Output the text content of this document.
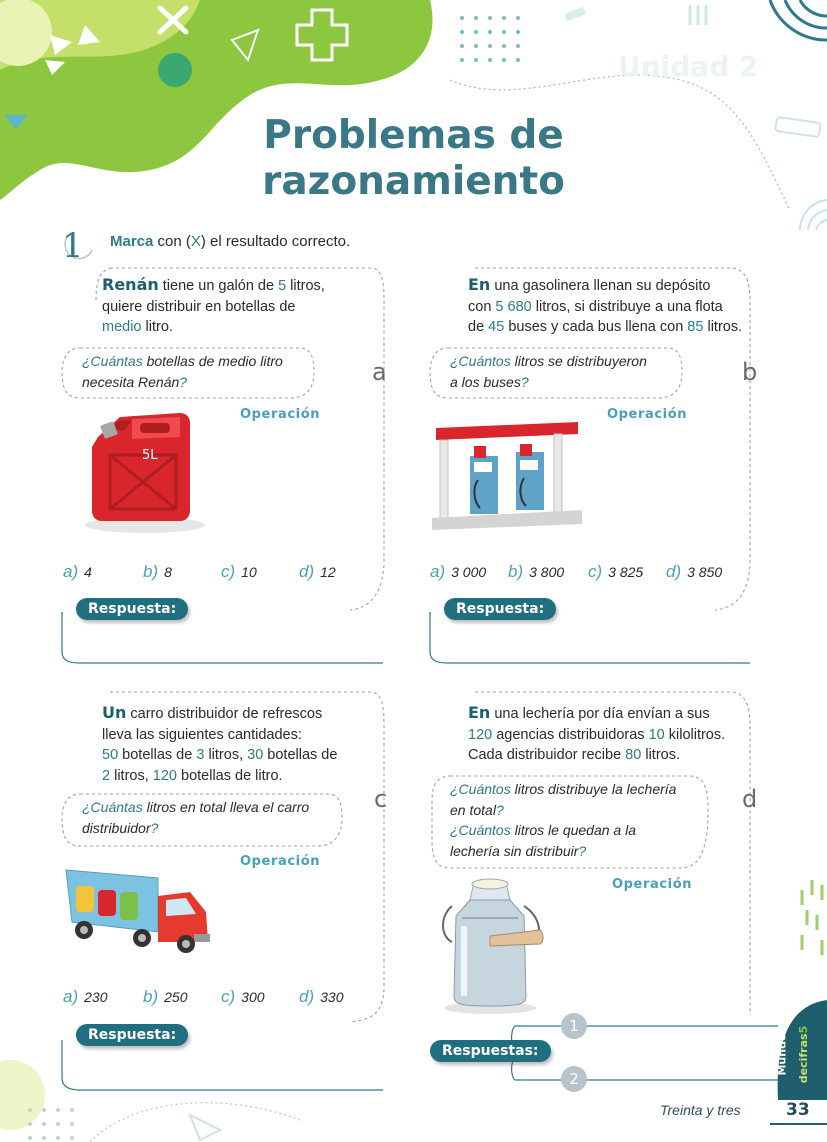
Unidad 2
Problemas de
razonamiento
1	Marca con (X) el resultado correcto.
Renán tiene un galón de 5 litros,
quiere distribuir en botellas de
medio litro.
¿Cuántas botellas de medio litro
necesita Renán?	a
Operación
5L
a) 4	b) 8	c) 10 d) 12
Respuesta:
En una gasolinera llenan su depósito
con 5 680 litros, si distribuye a una flota
de 45 buses y cada bus llena con 85 litros.
¿Cuántos litros se distribuyeron
a los buses?	b
Operación
a) 3 000 b) 3 800 c) 3 825 d) 3 850
Respuesta:
Un carro distribuidor de refrescos
lleva las siguientes cantidades:
50 botellas de 3 litros, 30 botellas de
2 litros, 120 botellas de litro.
¿Cuántas litros en total lleva el carro
distribuidor?
c
Operación
a) 230 b) 250 c) 300 d) 330
Respuesta:
En una lechería por día envían a sus
120 agencias distribuidoras 10 kilolitros.
Cada distribuidor recibe 80 litros.
¿Cuántos litros distribuye la lechería
en total?
¿Cuántos litros le quedan a la
lechería sin distribuir?
d
Operación
1
2
Respuestas:	Mundo decifras5
Treinta y tres	33
